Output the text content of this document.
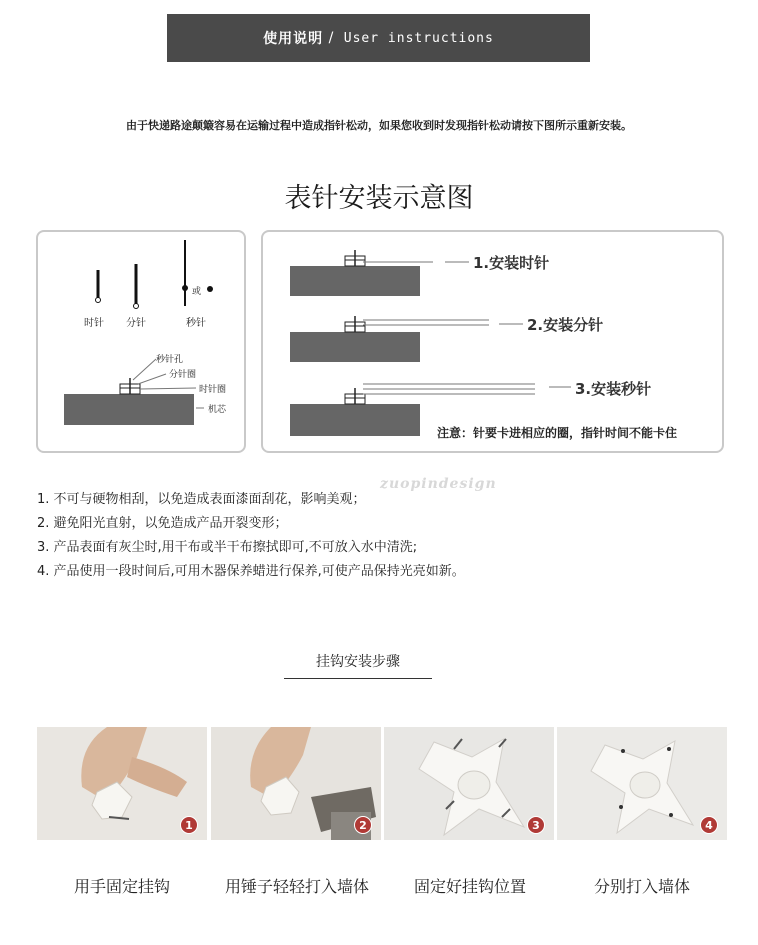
使用说明 / User instructions
由于快递路途颠簸容易在运输过程中造成指针松动，如果您收到时发现指针松动请按下图所示重新安装。
表针安装示意图
时针 分针	秒针
或
秒针孔
分针圈
时针圈
机芯
1.安装时针
2.安装分针
3.安装秒针
注意：针要卡进相应的圈，指针时间不能卡住
zuopindesign
1. 不可与硬物相刮，以免造成表面漆面刮花，影响美观；
2. 避免阳光直射，以免造成产品开裂变形；
3. 产品表面有灰尘时,用干布或半干布擦拭即可,不可放入水中清洗;
4. 产品使用一段时间后,可用木器保养蜡进行保养,可使产品保持光亮如新。
挂钩安装步骤
1	2	3	4
用手固定挂钩	用锤子轻轻打入墙体	固定好挂钩位置	分别打入墙体
